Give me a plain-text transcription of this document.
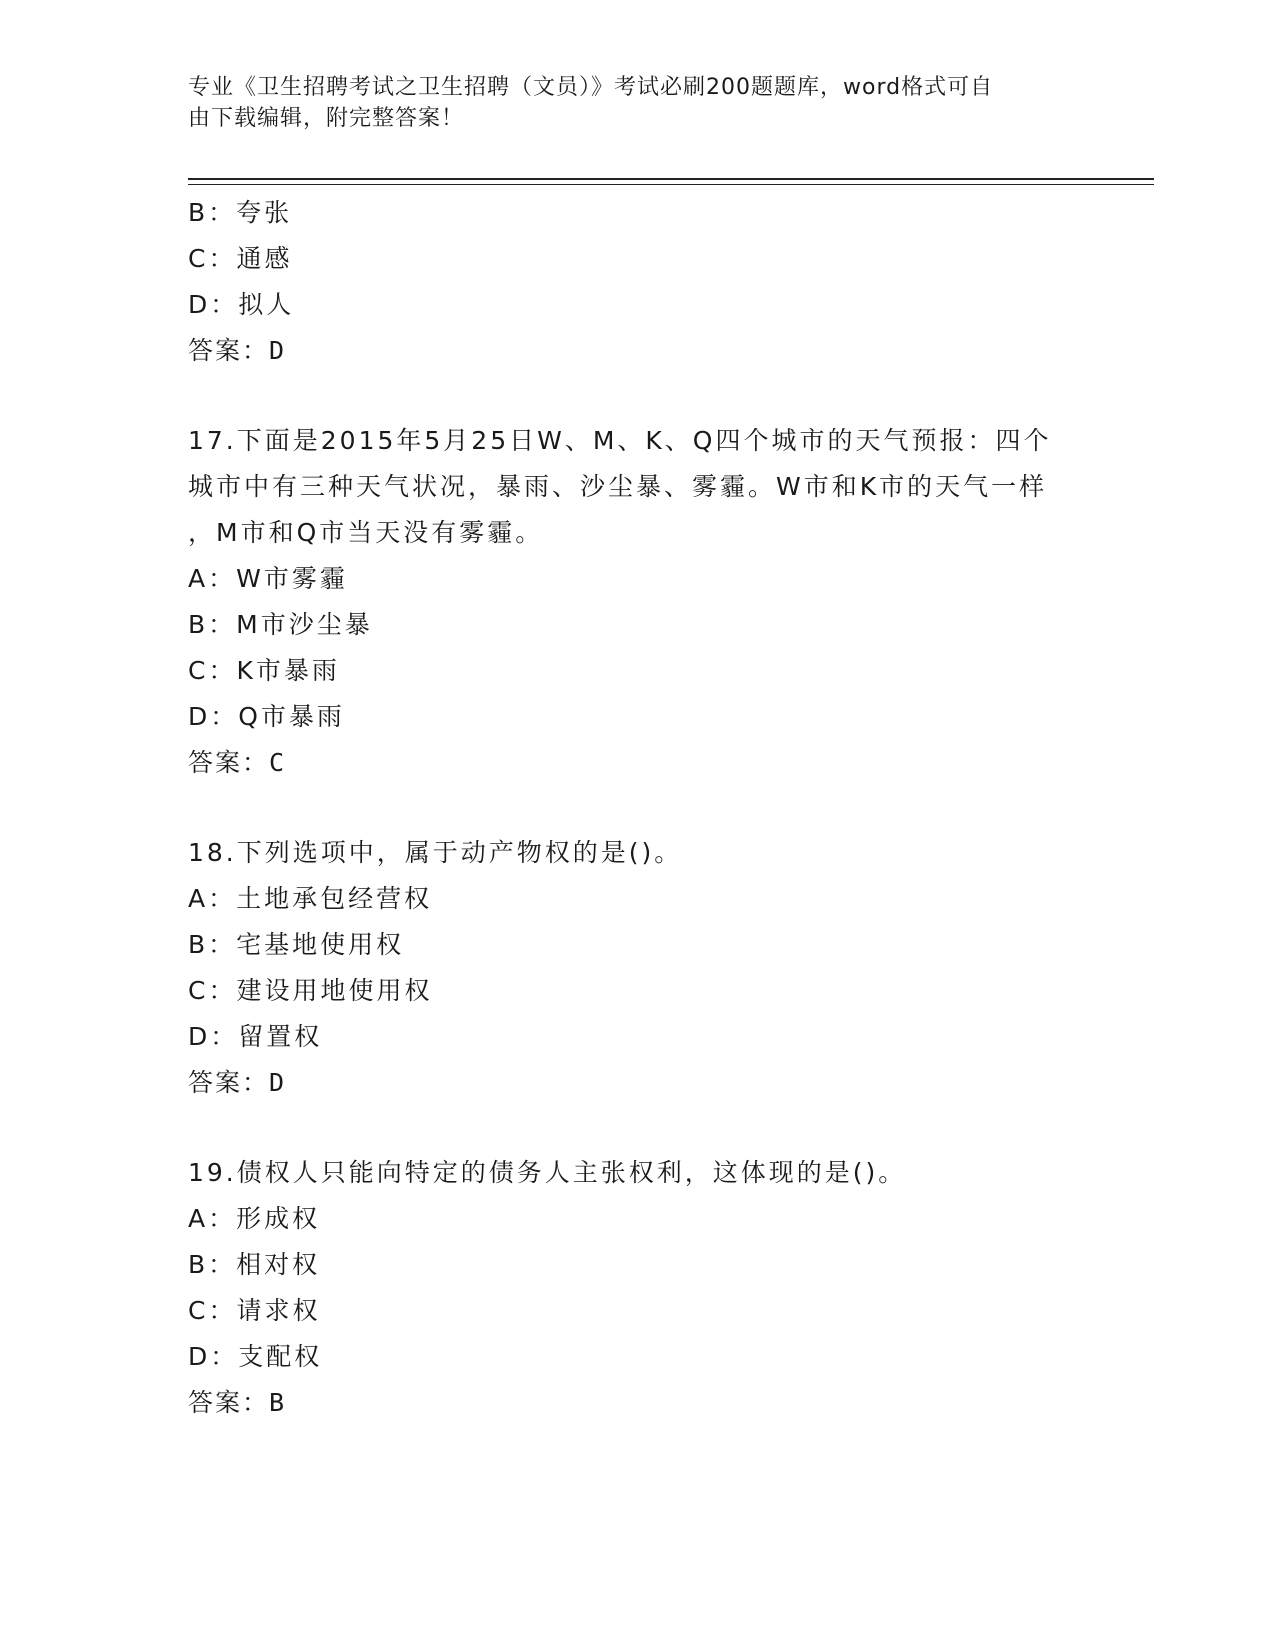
专业《卫生招聘考试之卫生招聘（文员）》考试必刷200题题库，word格式可自
由下载编辑，附完整答案！
B：夸张
C：通感
D：拟人
答案：D
17.下面是2015年5月25日W、M、K、Q四个城市的天气预报：四个
城市中有三种天气状况，暴雨、沙尘暴、雾霾。W市和K市的天气一样
，M市和Q市当天没有雾霾。
A：W市雾霾
B：M市沙尘暴
C：K市暴雨
D：Q市暴雨
答案：C
18.下列选项中，属于动产物权的是()。
A：土地承包经营权
B：宅基地使用权
C：建设用地使用权
D：留置权
答案：D
19.债权人只能向特定的债务人主张权利，这体现的是()。
A：形成权
B：相对权
C：请求权
D：支配权
答案：B
